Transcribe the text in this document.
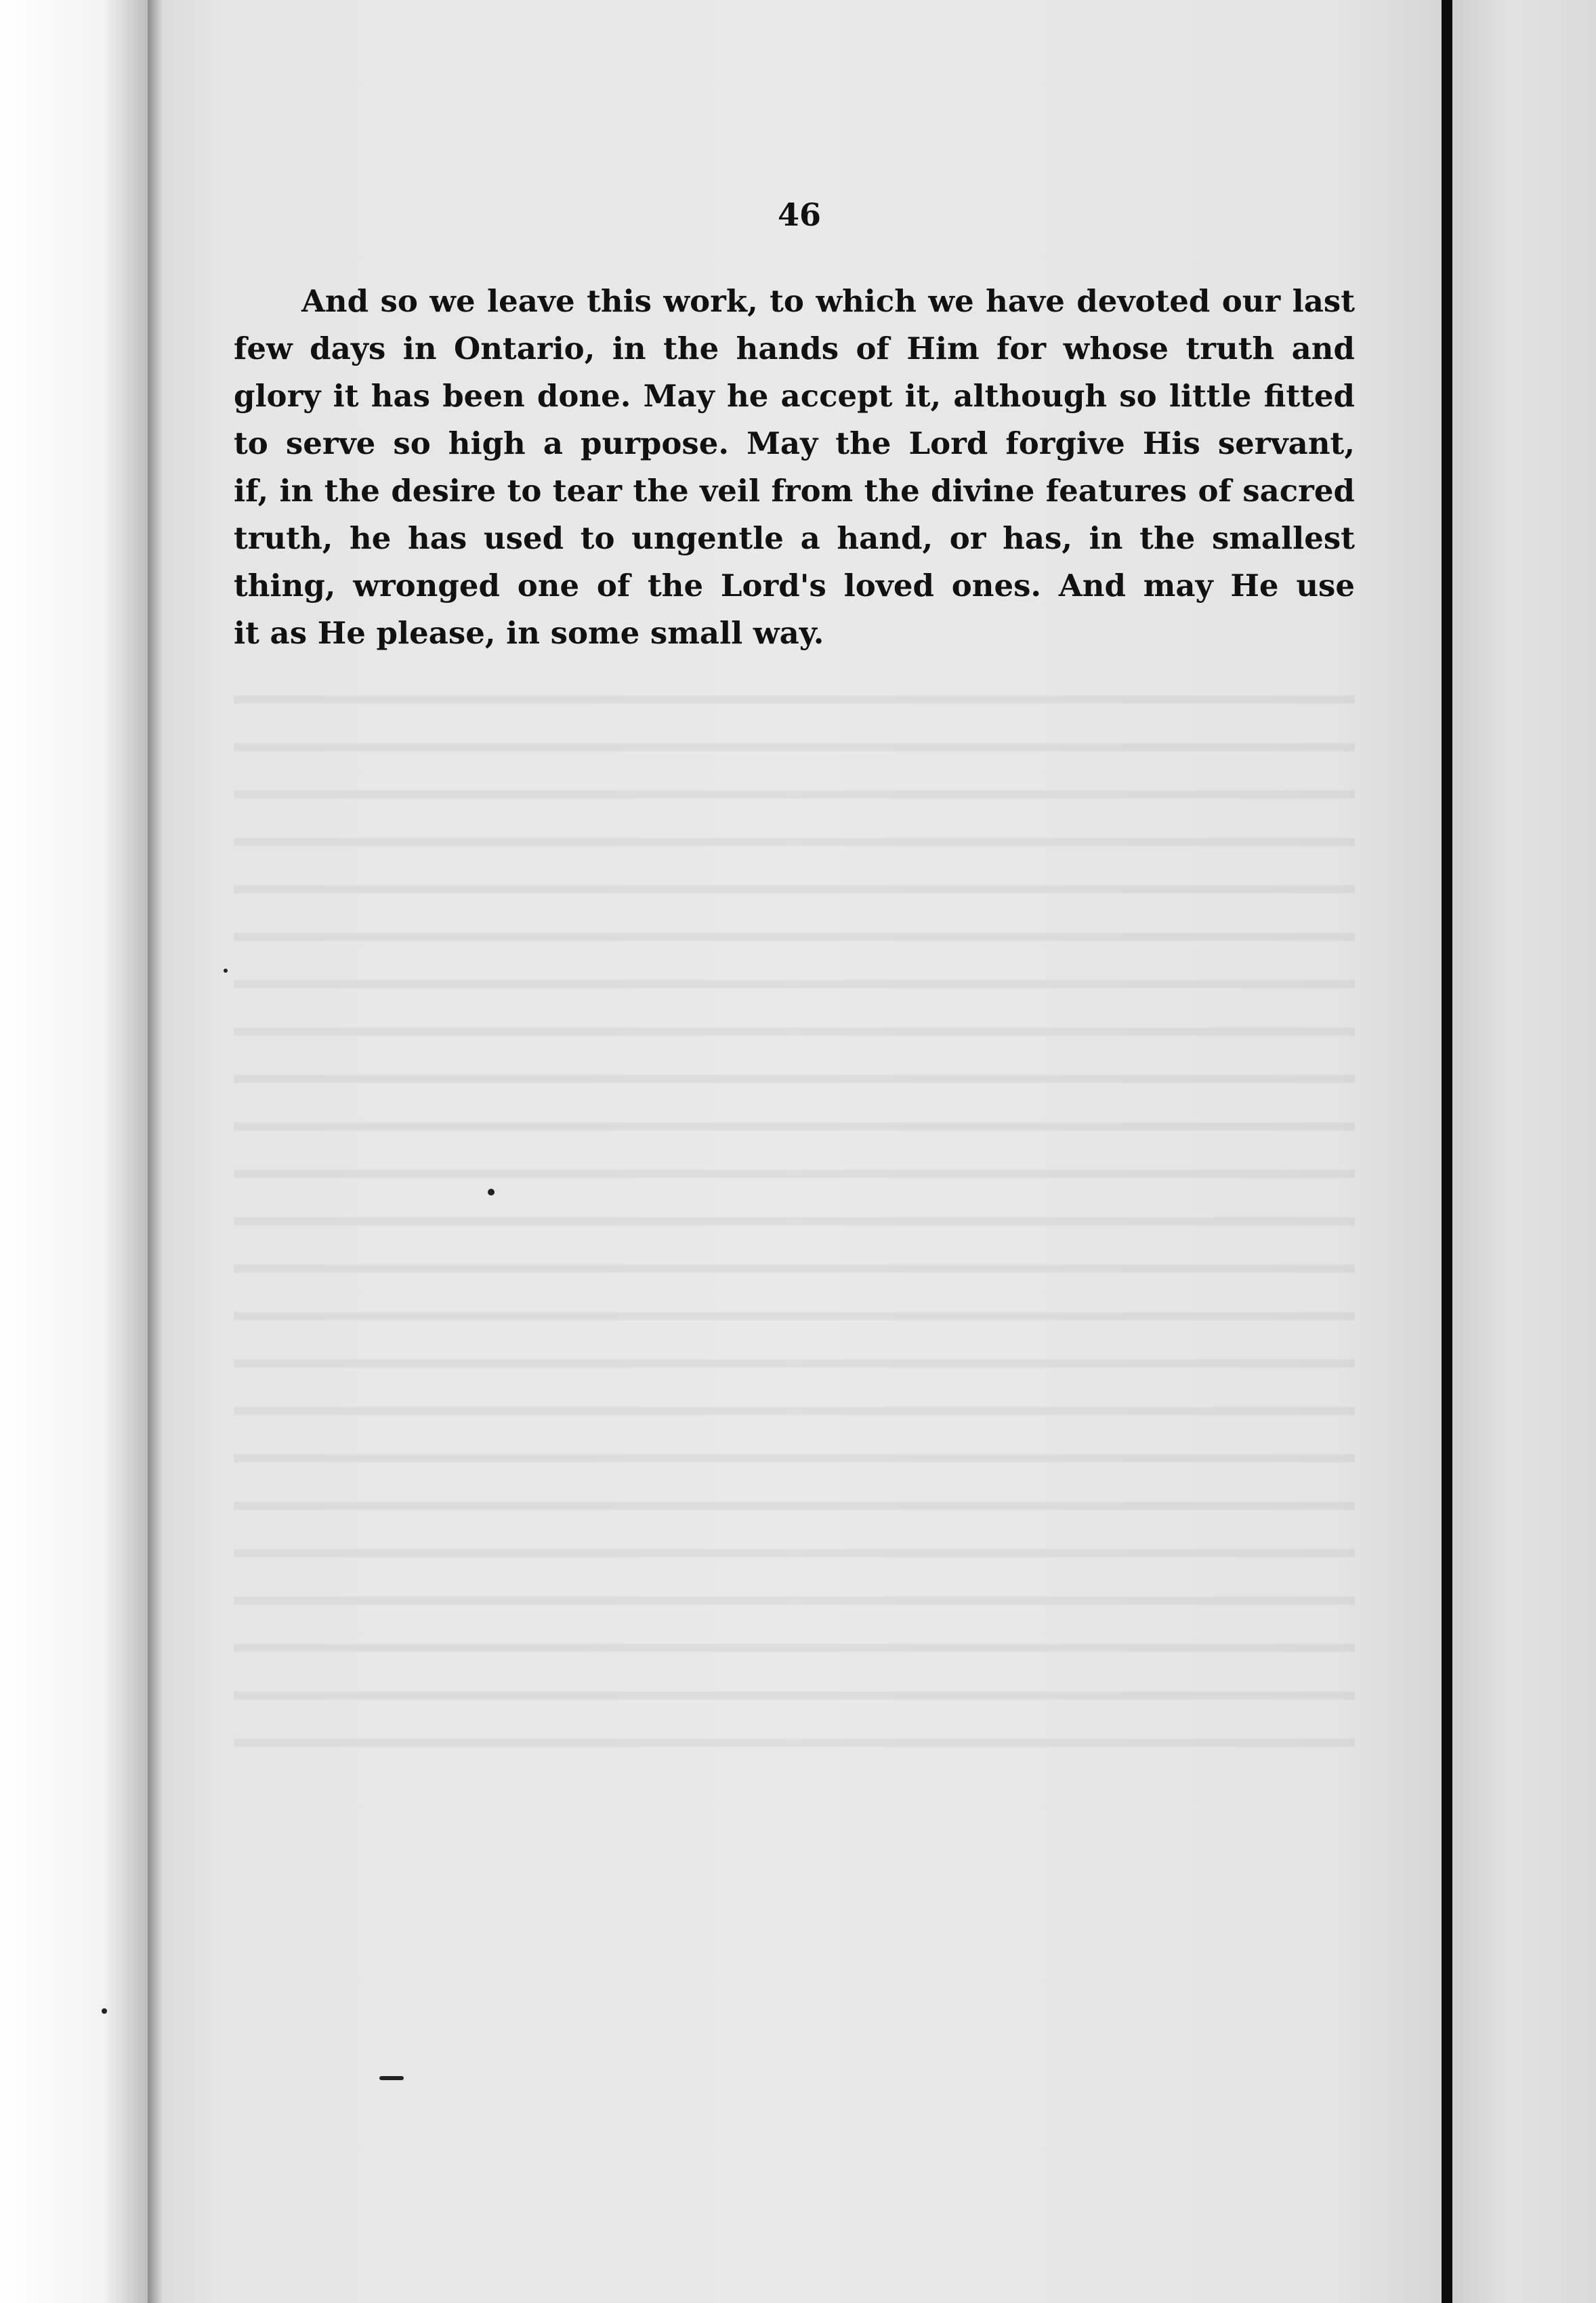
46

And so we leave this work, to which we have devoted our last
few days in Ontario, in the hands of Him for whose truth and
glory it has been done. May he accept it, although so little fitted
to serve so high a purpose. May the Lord forgive His servant,
if, in the desire to tear the veil from the divine features of sacred
truth, he has used to ungentle a hand, or has, in the smallest
thing, wronged one of the Lord's loved ones. And may He use
it as He please, in some small way.
